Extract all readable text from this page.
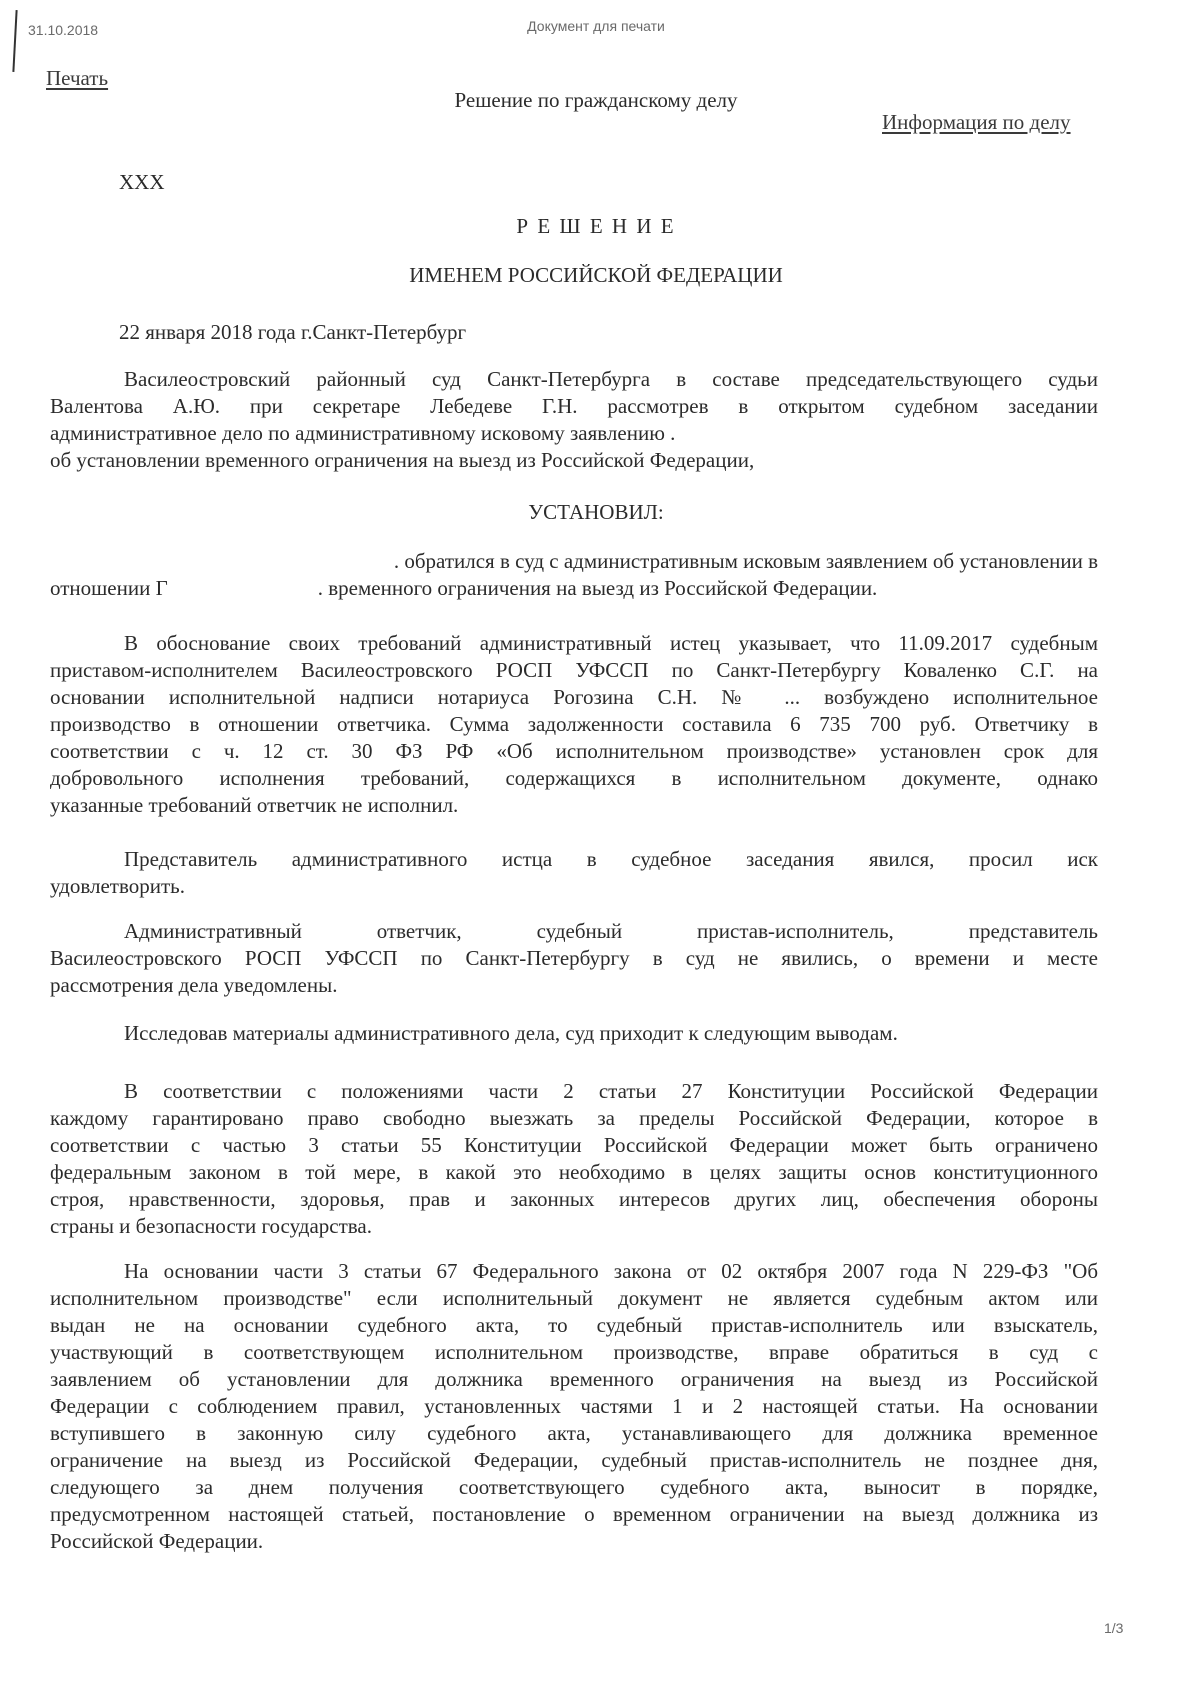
31.10.2018	Документ для печати
Печать
Решение по гражданскому делу
Информация по делу
ХХХ
Р Е Ш Е Н И Е
ИМЕНЕМ РОССИЙСКОЙ ФЕДЕРАЦИИ
22 января 2018 года г.Санкт-Петербург
Василеостровский районный суд Санкт-Петербурга в составе председательствующего судьи
Валентова А.Ю. при секретаре Лебедеве Г.Н. рассмотрев в открытом судебном заседании
административное дело по административному исковому заявлению .
об установлении временного ограничения на выезд из Российской Федерации,
УСТАНОВИЛ:
. обратился в суд с административным исковым заявлением об установлении в
отношении Г	. временного ограничения на выезд из Российской Федерации.
В обоснование своих требований административный истец указывает, что 11.09.2017 судебным
приставом-исполнителем Василеостровского РОСП УФССП по Санкт-Петербургу Коваленко С.Г. на
основании исполнительной надписи нотариуса Рогозина С.Н. № ... возбуждено исполнительное
производство в отношении ответчика. Сумма задолженности составила 6 735 700 руб. Ответчику в
соответствии с ч. 12 ст. 30 ФЗ РФ «Об исполнительном производстве» установлен срок для
добровольного исполнения требований, содержащихся в исполнительном документе, однако
указанные требований ответчик не исполнил.
Представитель административного истца в судебное заседания явился, просил иск
удовлетворить.
Административный ответчик, судебный пристав-исполнитель, представитель
Василеостровского РОСП УФССП по Санкт-Петербургу в суд не явились, о времени и месте
рассмотрения дела уведомлены.
Исследовав материалы административного дела, суд приходит к следующим выводам.
В соответствии с положениями части 2 статьи 27 Конституции Российской Федерации
каждому гарантировано право свободно выезжать за пределы Российской Федерации, которое в
соответствии с частью 3 статьи 55 Конституции Российской Федерации может быть ограничено
федеральным законом в той мере, в какой это необходимо в целях защиты основ конституционного
строя, нравственности, здоровья, прав и законных интересов других лиц, обеспечения обороны
страны и безопасности государства.
На основании части 3 статьи 67 Федерального закона от 02 октября 2007 года N 229-ФЗ "Об
исполнительном производстве" если исполнительный документ не является судебным актом или
выдан не на основании судебного акта, то судебный пристав-исполнитель или взыскатель,
участвующий в соответствующем исполнительном производстве, вправе обратиться в суд с
заявлением об установлении для должника временного ограничения на выезд из Российской
Федерации с соблюдением правил, установленных частями 1 и 2 настоящей статьи. На основании
вступившего в законную силу судебного акта, устанавливающего для должника временное
ограничение на выезд из Российской Федерации, судебный пристав-исполнитель не позднее дня,
следующего за днем получения соответствующего судебного акта, выносит в порядке,
предусмотренном настоящей статьей, постановление о временном ограничении на выезд должника из
Российской Федерации.
1/3
